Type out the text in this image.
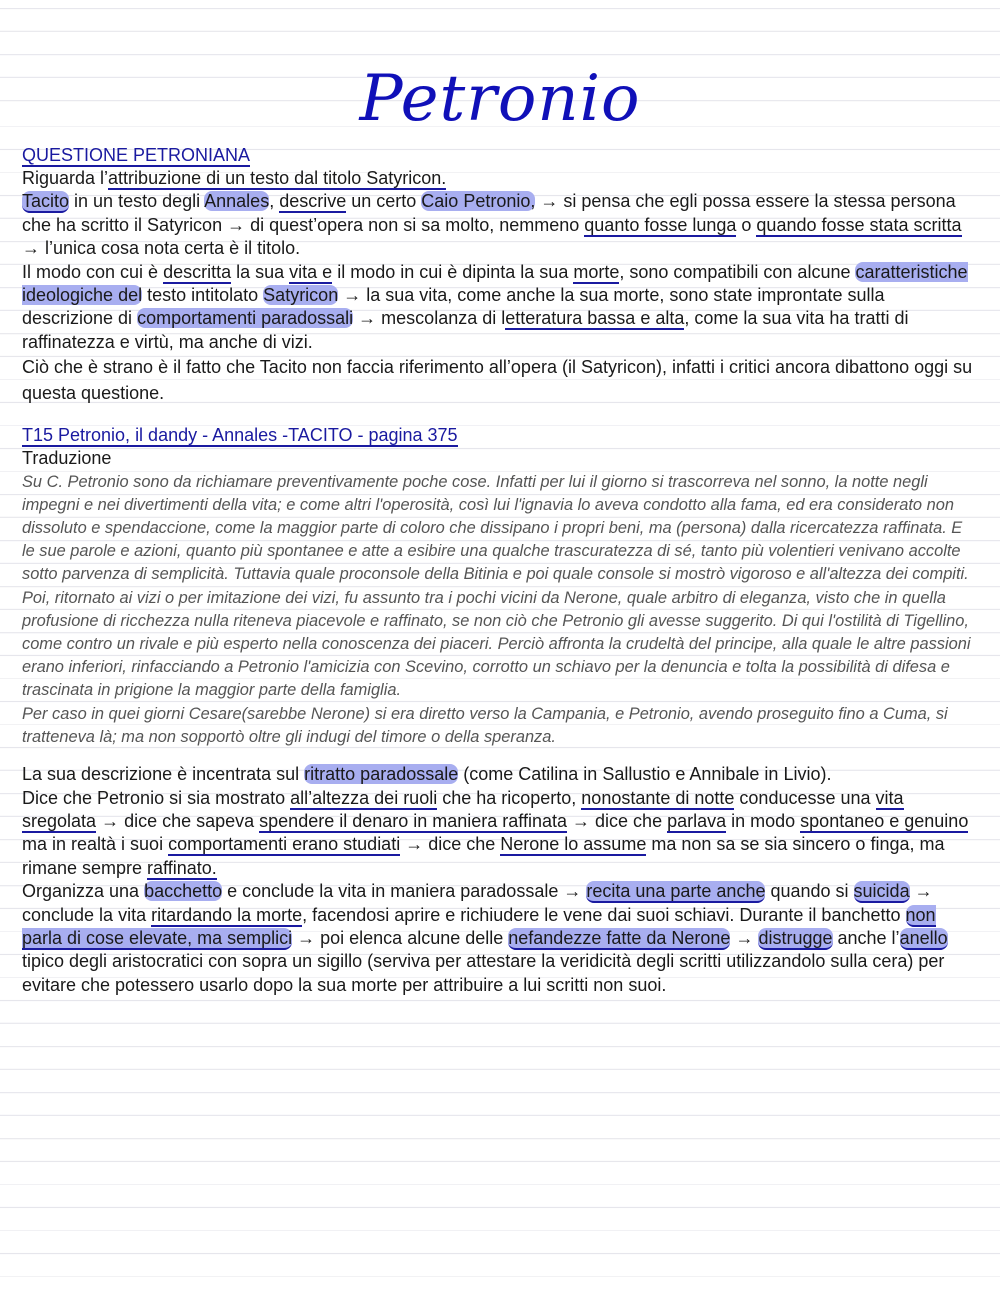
Petronio

QUESTIONE PETRONIANA

Riguarda l’attribuzione di un testo dal titolo Satyricon.

Tacito in un testo degli Annales, descrive un certo Caio Petronio, → si pensa che egli possa essere la stessa persona che ha scritto il Satyricon → di quest’opera non si sa molto, nemmeno quanto fosse lunga o quando fosse stata scritta → l’unica cosa nota certa è il titolo.

Il modo con cui è descritta la sua vita e il modo in cui è dipinta la sua morte, sono compatibili con alcune caratteristiche ideologiche del testo intitolato Satyricon → la sua vita, come anche la sua morte, sono state improntate sulla descrizione di comportamenti paradossali → mescolanza di letteratura bassa e alta, come la sua vita ha tratti di raffinatezza e virtù, ma anche di vizi.

Ciò che è strano è il fatto che Tacito non faccia riferimento all’opera (il Satyricon), infatti i critici ancora dibattono oggi su questa questione.

T15 Petronio, il dandy - Annales -TACITO - pagina 375

Traduzione

Su C. Petronio sono da richiamare preventivamente poche cose. Infatti per lui il giorno si trascorreva nel sonno, la notte negli impegni e nei divertimenti della vita; e come altri l'operosità, così lui l'ignavia lo aveva condotto alla fama, ed era considerato non dissoluto e spendaccione, come la maggior parte di coloro che dissipano i propri beni, ma (persona) dalla ricercatezza raffinata. E le sue parole e azioni, quanto più spontanee e atte a esibire una qualche trascuratezza di sé, tanto più volentieri venivano accolte sotto parvenza di semplicità. Tuttavia quale proconsole della Bitinia e poi quale console si mostrò vigoroso e all'altezza dei compiti. Poi, ritornato ai vizi o per imitazione dei vizi, fu assunto tra i pochi vicini da Nerone, quale arbitro di eleganza, visto che in quella profusione di ricchezza nulla riteneva piacevole e raffinato, se non ciò che Petronio gli avesse suggerito. Di qui l'ostilità di Tigellino, come contro un rivale e più esperto nella conoscenza dei piaceri. Perciò affronta la crudeltà del principe, alla quale le altre passioni erano inferiori, rinfacciando a Petronio l'amicizia con Scevino, corrotto un schiavo per la denuncia e tolta la possibilità di difesa e trascinata in prigione la maggior parte della famiglia.

Per caso in quei giorni Cesare(sarebbe Nerone) si era diretto verso la Campania, e Petronio, avendo proseguito fino a Cuma, si tratteneva là; ma non sopportò oltre gli indugi del timore o della speranza.

La sua descrizione è incentrata sul ritratto paradossale (come Catilina in Sallustio e Annibale in Livio).

Dice che Petronio si sia mostrato all’altezza dei ruoli che ha ricoperto, nonostante di notte conducesse una vita sregolata → dice che sapeva spendere il denaro in maniera raffinata → dice che parlava in modo spontaneo e genuino ma in realtà i suoi comportamenti erano studiati → dice che Nerone lo assume ma non sa se sia sincero o finga, ma rimane sempre raffinato.

Organizza una bacchetto e conclude la vita in maniera paradossale → recita una parte anche quando si suicida → conclude la vita ritardando la morte, facendosi aprire e richiudere le vene dai suoi schiavi. Durante il banchetto non parla di cose elevate, ma semplici → poi elenca alcune delle nefandezze fatte da Nerone → distrugge anche l’anello tipico degli aristocratici con sopra un sigillo (serviva per attestare la veridicità degli scritti utilizzandolo sulla cera) per evitare che potessero usarlo dopo la sua morte per attribuire a lui scritti non suoi.
